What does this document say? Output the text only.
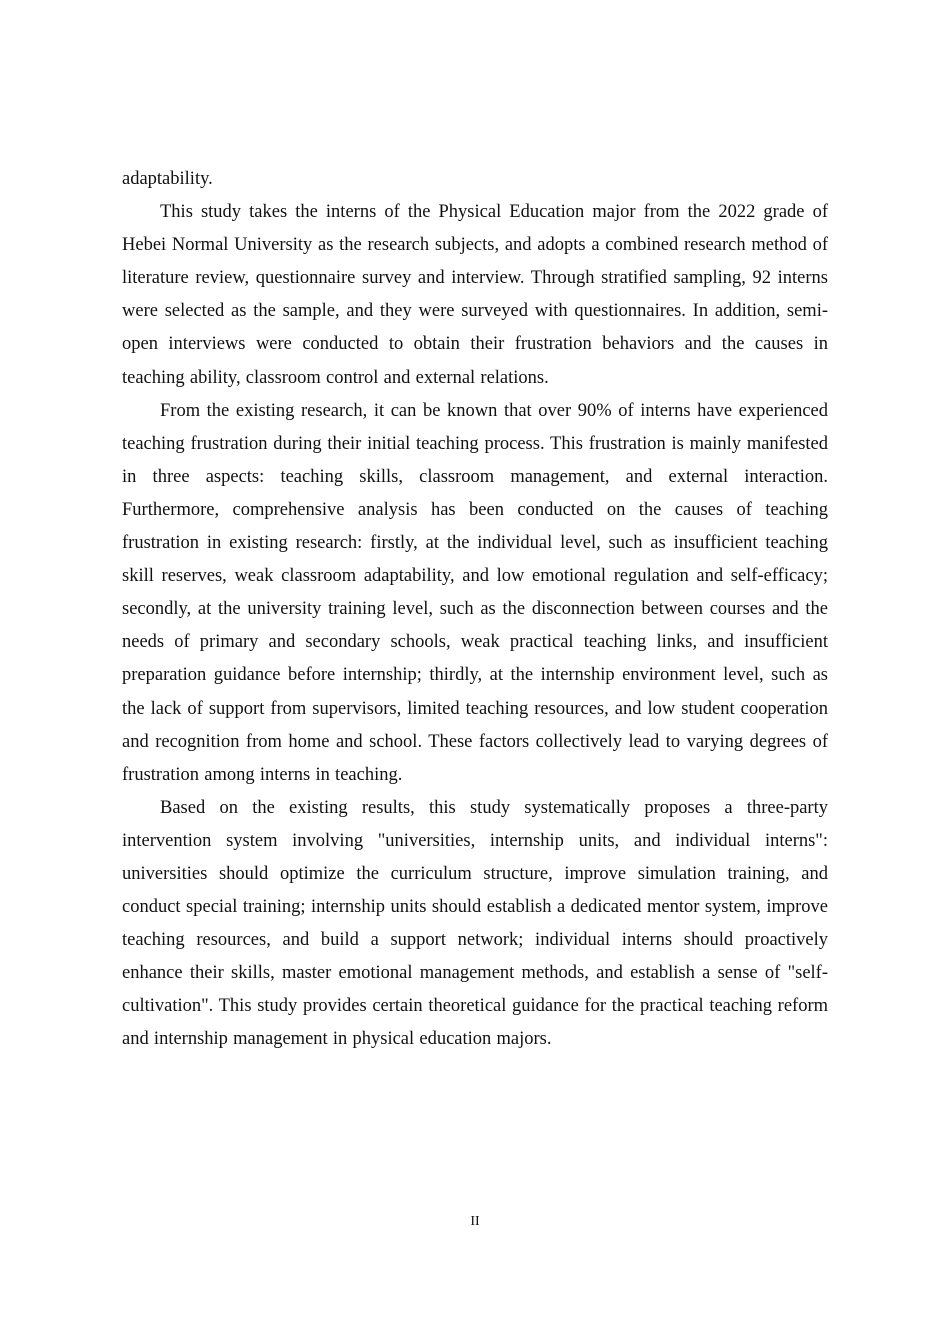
adaptability.

This study takes the interns of the Physical Education major from the 2022 grade of Hebei Normal University as the research subjects, and adopts a combined research method of literature review, questionnaire survey and interview. Through stratified sampling, 92 interns were selected as the sample, and they were surveyed with questionnaires. In addition, semi-open interviews were conducted to obtain their frustration behaviors and the causes in teaching ability, classroom control and external relations.

From the existing research, it can be known that over 90% of interns have experienced teaching frustration during their initial teaching process. This frustration is mainly manifested in three aspects: teaching skills, classroom management, and external interaction. Furthermore, comprehensive analysis has been conducted on the causes of teaching frustration in existing research: firstly, at the individual level, such as insufficient teaching skill reserves, weak classroom adaptability, and low emotional regulation and self-efficacy; secondly, at the university training level, such as the disconnection between courses and the needs of primary and secondary schools, weak practical teaching links, and insufficient preparation guidance before internship; thirdly, at the internship environment level, such as the lack of support from supervisors, limited teaching resources, and low student cooperation and recognition from home and school. These factors collectively lead to varying degrees of frustration among interns in teaching.

Based on the existing results, this study systematically proposes a three-party intervention system involving "universities, internship units, and individual interns": universities should optimize the curriculum structure, improve simulation training, and conduct special training; internship units should establish a dedicated mentor system, improve teaching resources, and build a support network; individual interns should proactively enhance their skills, master emotional management methods, and establish a sense of "self-cultivation". This study provides certain theoretical guidance for the practical teaching reform and internship management in physical education majors.

II
